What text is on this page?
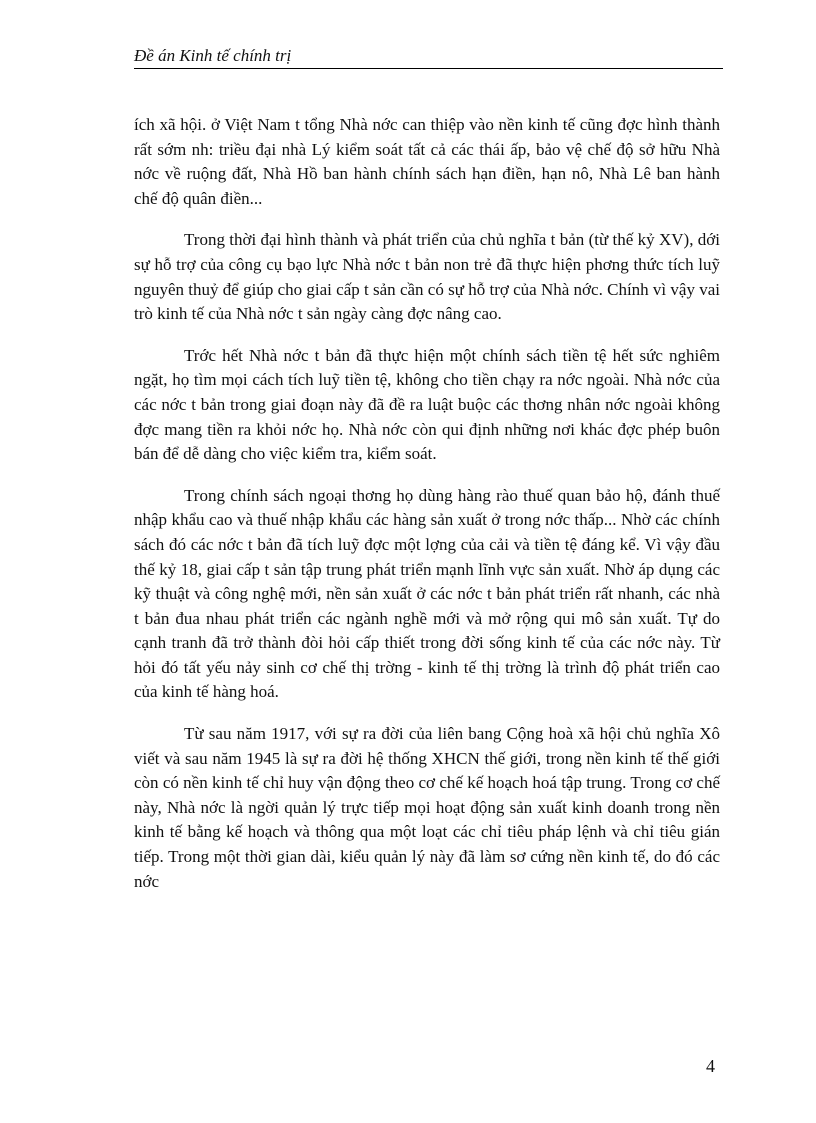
Đề án Kinh tế chính trị

ích xã hội. ở Việt Nam t tổng Nhà nớc can thiệp vào nền kinh tế cũng đợc hình thành rất sớm nh: triều đại nhà Lý kiểm soát tất cả các thái ấp, bảo vệ chế độ sở hữu Nhà nớc về ruộng đất, Nhà Hồ ban hành chính sách hạn điền, hạn nô, Nhà Lê ban hành chế độ quân điền...

Trong thời đại hình thành và phát triển của chủ nghĩa t bản (từ thế kỷ XV), dới sự hỗ trợ của công cụ bạo lực Nhà nớc t bản non trẻ đã thực hiện phơng thức tích luỹ nguyên thuỷ để giúp cho giai cấp t sản cần có sự hỗ trợ của Nhà nớc. Chính vì vậy vai trò kinh tế của Nhà nớc t sản ngày càng đợc nâng cao.

Trớc hết Nhà nớc t bản đã thực hiện một chính sách tiền tệ hết sức nghiêm ngặt, họ tìm mọi cách tích luỹ tiền tệ, không cho tiền chạy ra nớc ngoài. Nhà nớc của các nớc t bản trong giai đoạn này đã đề ra luật buộc các thơng nhân nớc ngoài không đợc mang tiền ra khỏi nớc họ. Nhà nớc còn qui định những nơi khác đợc phép buôn bán để dễ dàng cho việc kiểm tra, kiểm soát.

Trong chính sách ngoại thơng họ dùng hàng rào thuế quan bảo hộ, đánh thuế nhập khẩu cao và thuế nhập khẩu các hàng sản xuất ở trong nớc thấp... Nhờ các chính sách đó các nớc t bản đã tích luỹ đợc một lợng của cải và tiền tệ đáng kể. Vì vậy đầu thế kỷ 18, giai cấp t sản tập trung phát triển mạnh lĩnh vực sản xuất. Nhờ áp dụng các kỹ thuật và công nghệ mới, nền sản xuất ở các nớc t bản phát triển rất nhanh, các nhà t bản đua nhau phát triển các ngành nghề mới và mở rộng qui mô sản xuất. Tự do cạnh tranh đã trở thành đòi hỏi cấp thiết trong đời sống kinh tế của các nớc này. Từ hỏi đó tất yếu nảy sinh cơ chế thị trờng - kinh tế thị trờng là trình độ phát triển cao của kinh tế hàng hoá.

Từ sau năm 1917, với sự ra đời của liên bang Cộng hoà xã hội chủ nghĩa Xô viết và sau năm 1945 là sự ra đời hệ thống XHCN thế giới, trong nền kinh tế thế giới còn có nền kinh tế chỉ huy vận động theo cơ chế kế hoạch hoá tập trung. Trong cơ chế này, Nhà nớc là ngời quản lý trực tiếp mọi hoạt động sản xuất kinh doanh trong nền kinh tế bằng kế hoạch và thông qua một loạt các chỉ tiêu pháp lệnh và chỉ tiêu gián tiếp. Trong một thời gian dài, kiểu quản lý này đã làm sơ cứng nền kinh tế, do đó các nớc

4
